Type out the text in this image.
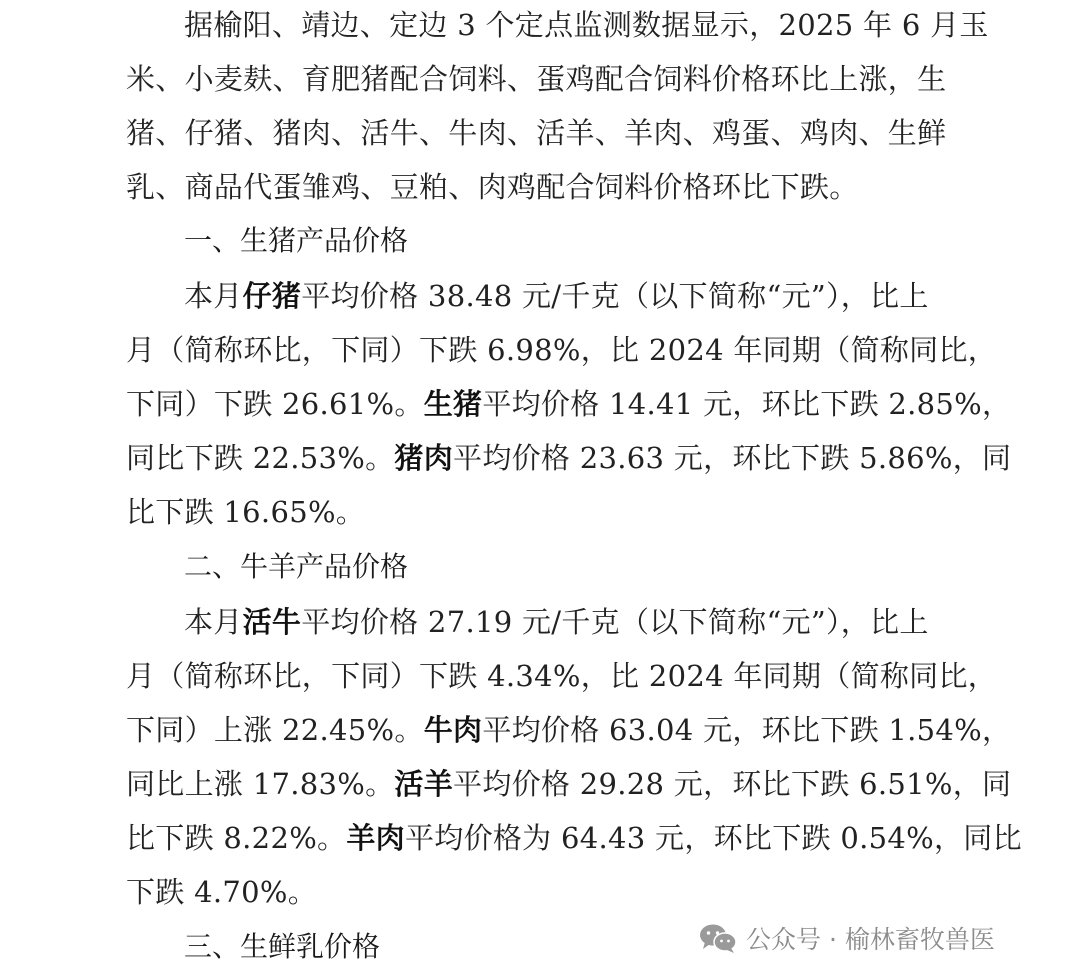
据榆阳、靖边、定边 3 个定点监测数据显示，2025 年 6 月玉
米、小麦麸、育肥猪配合饲料、蛋鸡配合饲料价格环比上涨，生
猪、仔猪、猪肉、活牛、牛肉、活羊、羊肉、鸡蛋、鸡肉、生鲜
乳、商品代蛋雏鸡、豆粕、肉鸡配合饲料价格环比下跌。
一、生猪产品价格
本月仔猪平均价格 38.48 元/千克（以下简称“元”），比上
月（简称环比，下同）下跌 6.98%，比 2024 年同期（简称同比，
下同）下跌 26.61%。生猪平均价格 14.41 元，环比下跌 2.85%，
同比下跌 22.53%。猪肉平均价格 23.63 元，环比下跌 5.86%，同
比下跌 16.65%。
二、牛羊产品价格
本月活牛平均价格 27.19 元/千克（以下简称“元”），比上
月（简称环比，下同）下跌 4.34%，比 2024 年同期（简称同比，
下同）上涨 22.45%。牛肉平均价格 63.04 元，环比下跌 1.54%，
同比上涨 17.83%。活羊平均价格 29.28 元，环比下跌 6.51%，同
比下跌 8.22%。羊肉平均价格为 64.43 元，环比下跌 0.54%，同比
下跌 4.70%。
三、生鲜乳价格	公众号 · 榆林畜牧兽医
